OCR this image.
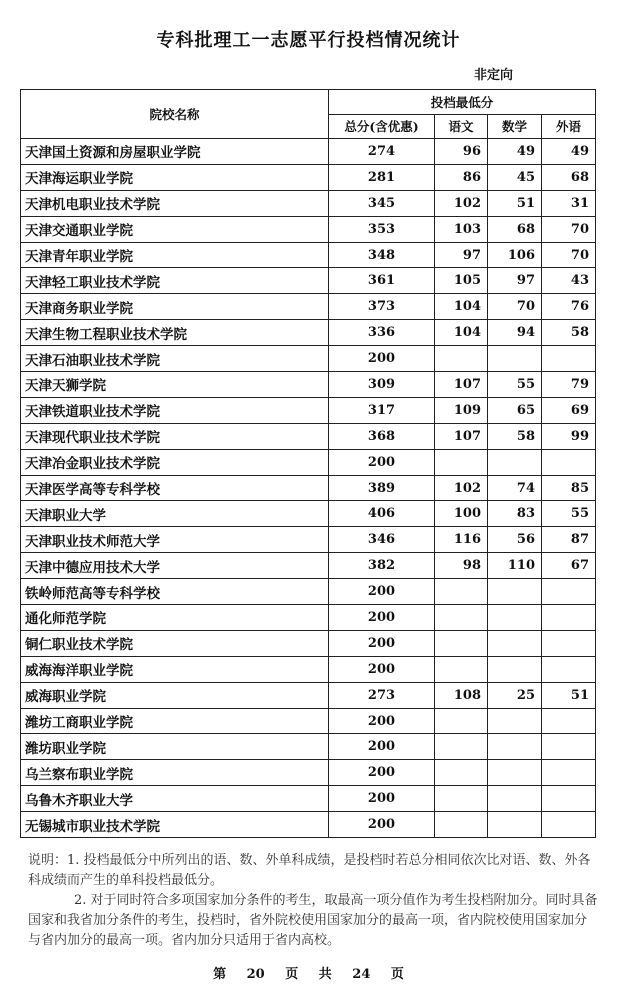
专科批理工一志愿平行投档情况统计
非定向
院校名称	投档最低分			
	总分(含优惠)	语文	数学	外语
天津国土资源和房屋职业学院	274	96	49	49
天津海运职业学院	281	86	45	68
天津机电职业技术学院	345	102	51	31
天津交通职业学院	353	103	68	70
天津青年职业学院	348	97	106	70
天津轻工职业技术学院	361	105	97	43
天津商务职业学院	373	104	70	76
天津生物工程职业技术学院	336	104	94	58
天津石油职业技术学院	200			
天津天狮学院	309	107	55	79
天津铁道职业技术学院	317	109	65	69
天津现代职业技术学院	368	107	58	99
天津冶金职业技术学院	200			
天津医学高等专科学校	389	102	74	85
天津职业大学	406	100	83	55
天津职业技术师范大学	346	116	56	87
天津中德应用技术大学	382	98	110	67
铁岭师范高等专科学校	200			
通化师范学院	200			
铜仁职业技术学院	200			
威海海洋职业学院	200			
威海职业学院	273	108	25	51
潍坊工商职业学院	200			
潍坊职业学院	200			
乌兰察布职业学院	200			
乌鲁木齐职业大学	200			
无锡城市职业技术学院	200			

说明：1. 投档最低分中所列出的语、数、外单科成绩，是投档时若总分相同依次比对语、数、外各科成绩而产生的单科投档最低分。

2. 对于同时符合多项国家加分条件的考生，取最高一项分值作为考生投档附加分。同时具备国家和我省加分条件的考生，投档时，省外院校使用国家加分的最高一项，省内院校使用国家加分与省内加分的最高一项。省内加分只适用于省内高校。

第 20 页 共 24 页
